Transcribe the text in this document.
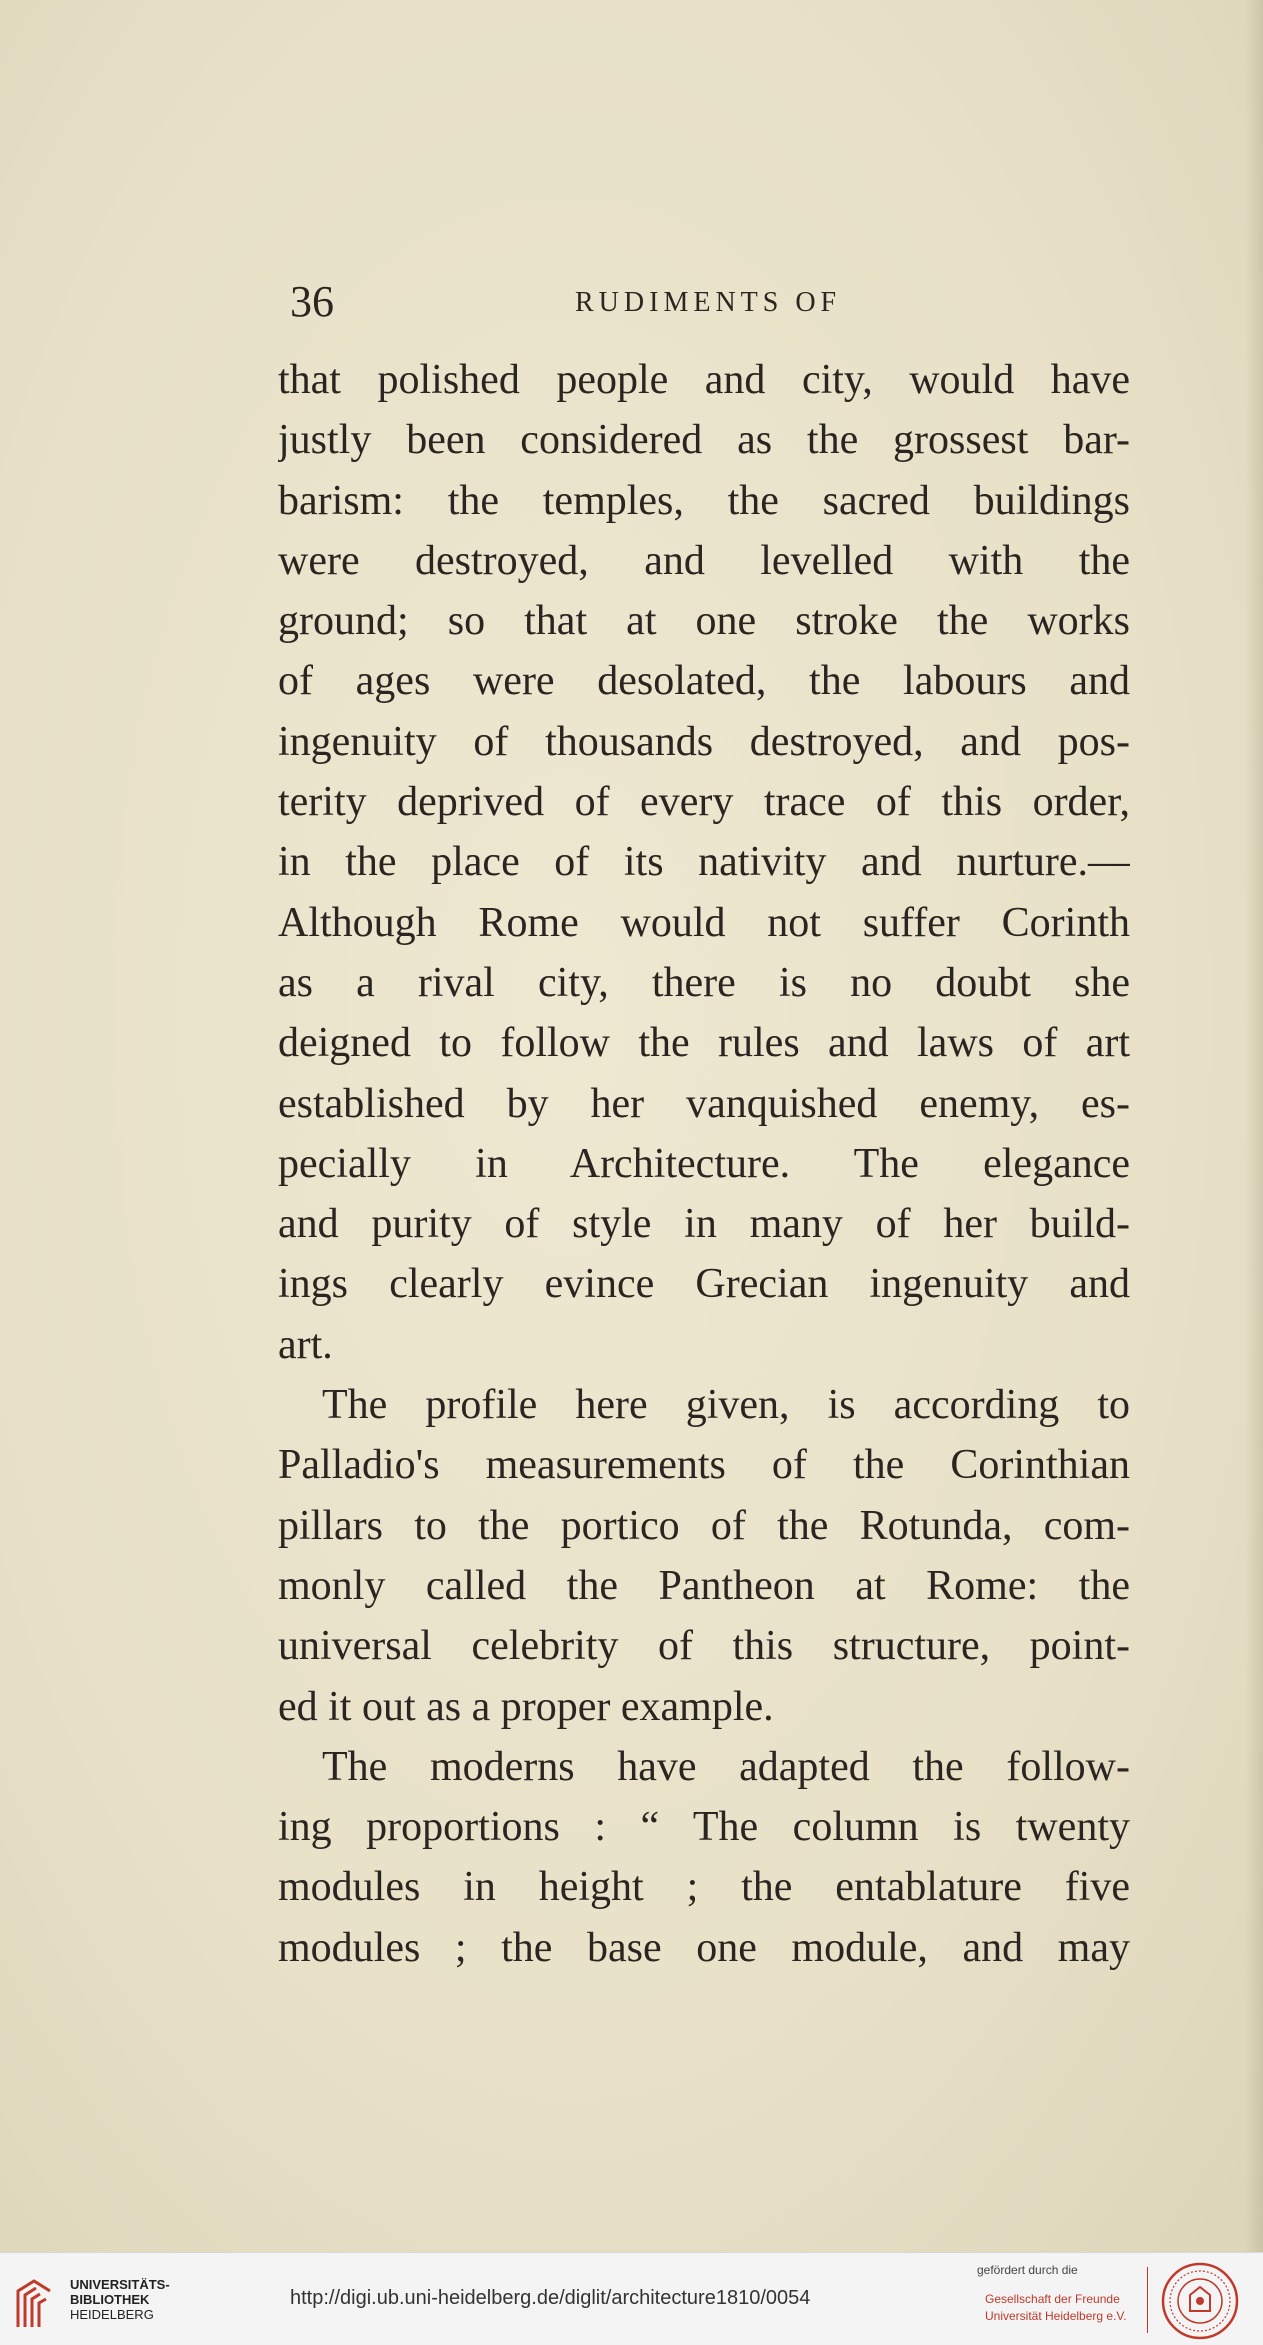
36	RUDIMENTS OF
that polished people and city, would have
justly been considered as the grossest bar-
barism: the temples, the sacred buildings
were destroyed, and levelled with the
ground; so that at one stroke the works
of ages were desolated, the labours and
ingenuity of thousands destroyed, and pos-
terity deprived of every trace of this order,
in the place of its nativity and nurture.—
Although Rome would not suffer Corinth
as a rival city, there is no doubt she
deigned to follow the rules and laws of art
established by her vanquished enemy, es-
pecially in Architecture. The elegance
and purity of style in many of her build-
ings clearly evince Grecian ingenuity and
art.
The profile here given, is according to
Palladio's measurements of the Corinthian
pillars to the portico of the Rotunda, com-
monly called the Pantheon at Rome: the
universal celebrity of this structure, point-
ed it out as a proper example.
The moderns have adapted the follow-
ing proportions : “ The column is twenty
modules in height ; the entablature five
modules ; the base one module, and may
UNIVERSITÄTS-
BIBLIOTHEK
HEIDELBERG
http://digi.ub.uni-heidelberg.de/diglit/architecture1810/0054
gefördert durch die
Gesellschaft der Freunde
Universität Heidelberg e.V.
